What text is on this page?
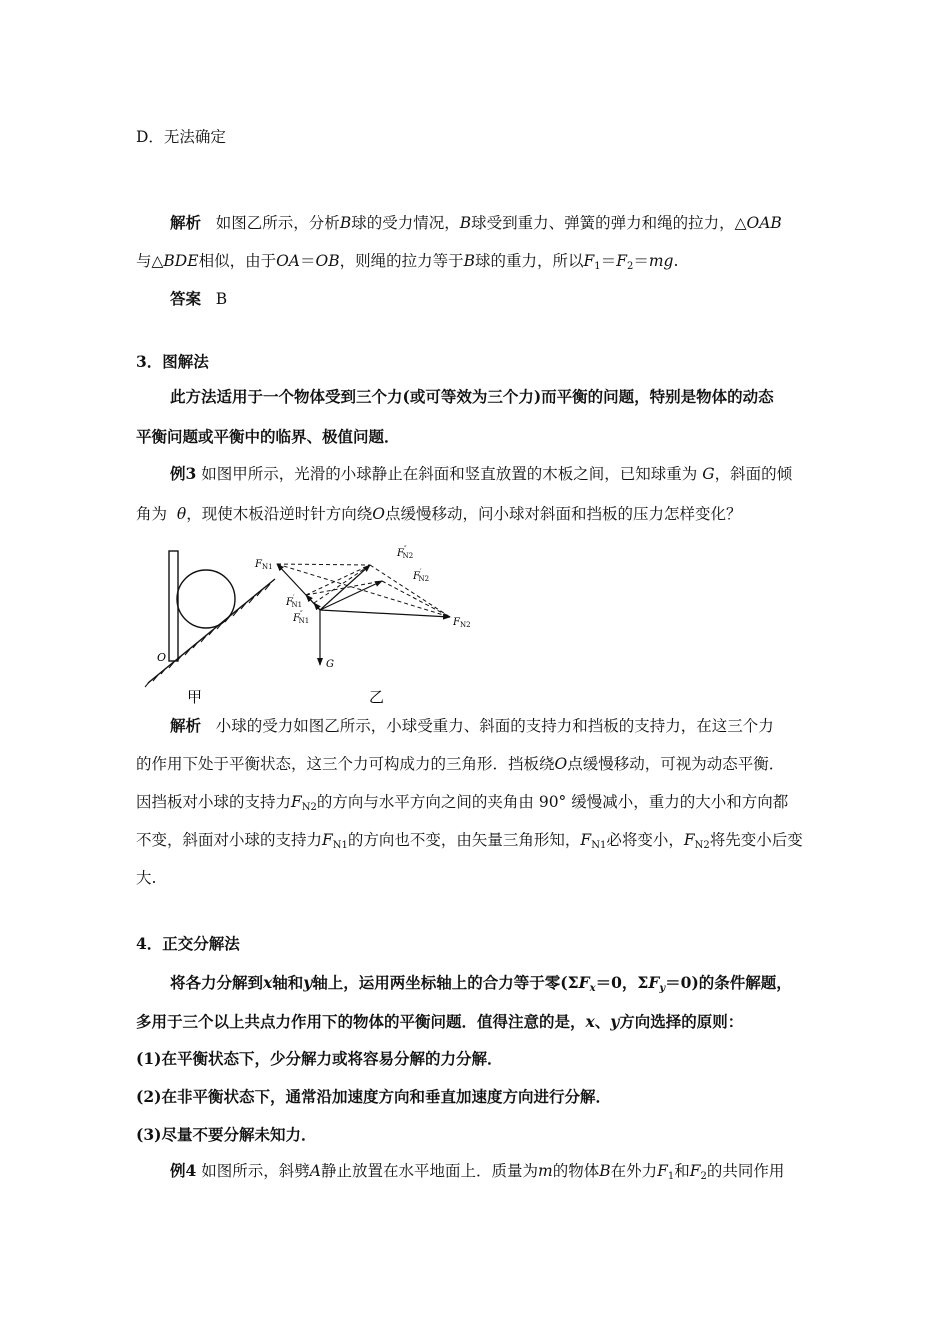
D．无法确定
解析 如图乙所示，分析B球的受力情况，B球受到重力、弹簧的弹力和绳的拉力，△OAB
与△BDE相似，由于OA＝OB，则绳的拉力等于B球的重力，所以$F_1=F_2=mg$.
答案 B
3．图解法
此方法适用于一个物体受到三个力(或可等效为三个力)而平衡的问题，特别是物体的动态
平衡问题或平衡中的临界、极值问题．
例3 如图甲所示，光滑的小球静止在斜面和竖直放置的木板之间，已知球重为 G，斜面的倾
角为 θ，现使木板沿逆时针方向绕O点缓慢移动，问小球对斜面和挡板的压力怎样变化？
O
甲
$F_{N1}$
F′ N1
F″ N1
F″ N2
F′ N2
$F_{N2}$
G
乙
解析 小球的受力如图乙所示，小球受重力、斜面的支持力和挡板的支持力，在这三个力
的作用下处于平衡状态，这三个力可构成力的三角形．挡板绕O点缓慢移动，可视为动态平衡．
因挡板对小球的支持力$F_{N2}$的方向与水平方向之间的夹角由 90° 缓慢减小，重力的大小和方向都
不变，斜面对小球的支持力$F_{N1}$的方向也不变，由矢量三角形知，$F_{N1}$必将变小，$F_{N2}$将先变小后变
大.
4．正交分解法
将各力分解到x轴和y轴上，运用两坐标轴上的合力等于零($\Sigma F_x=0$，$\Sigma F_y=0$)的条件解题，
多用于三个以上共点力作用下的物体的平衡问题．值得注意的是，x、y方向选择的原则：
(1)在平衡状态下，少分解力或将容易分解的力分解．
(2)在非平衡状态下，通常沿加速度方向和垂直加速度方向进行分解．
(3)尽量不要分解未知力．
例4 如图所示，斜劈A静止放置在水平地面上．质量为m的物体B在外力$F_1$和$F_2$的共同作用
